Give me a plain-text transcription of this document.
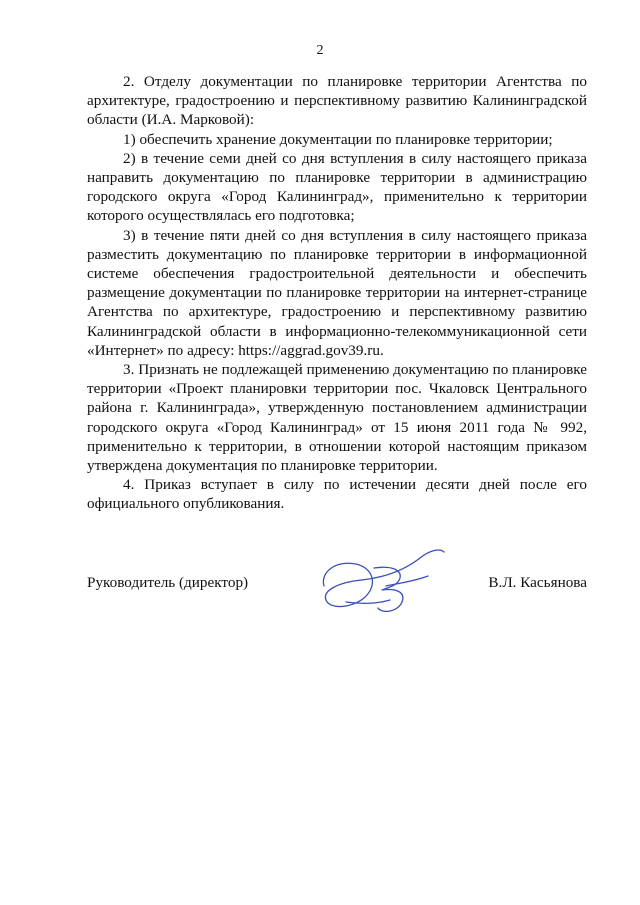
2

2. Отделу документации по планировке территории Агентства по архитектуре, градостроению и перспективному развитию Калининградской области (И.А. Марковой):

1) обеспечить хранение документации по планировке территории;

2) в течение семи дней со дня вступления в силу настоящего приказа направить документацию по планировке территории в администрацию городского округа «Город Калининград», применительно к территории которого осуществлялась его подготовка;

3) в течение пяти дней со дня вступления в силу настоящего приказа разместить документацию по планировке территории в информационной системе обеспечения градостроительной деятельности и обеспечить размещение документации по планировке территории на интернет-странице Агентства по архитектуре, градостроению и перспективному развитию Калининградской области в информационно-телекоммуникационной сети «Интернет» по адресу: https://aggrad.gov39.ru.

3. Признать не подлежащей применению документацию по планировке территории «Проект планировки территории пос. Чкаловск Центрального района г. Калининграда», утвержденную постановлением администрации городского округа «Город Калининград» от 15 июня 2011 года № 992, применительно к территории, в отношении которой настоящим приказом утверждена документация по планировке территории.

4. Приказ вступает в силу по истечении десяти дней после его официального опубликования.

Руководитель (директор)	В.Л. Касьянова
